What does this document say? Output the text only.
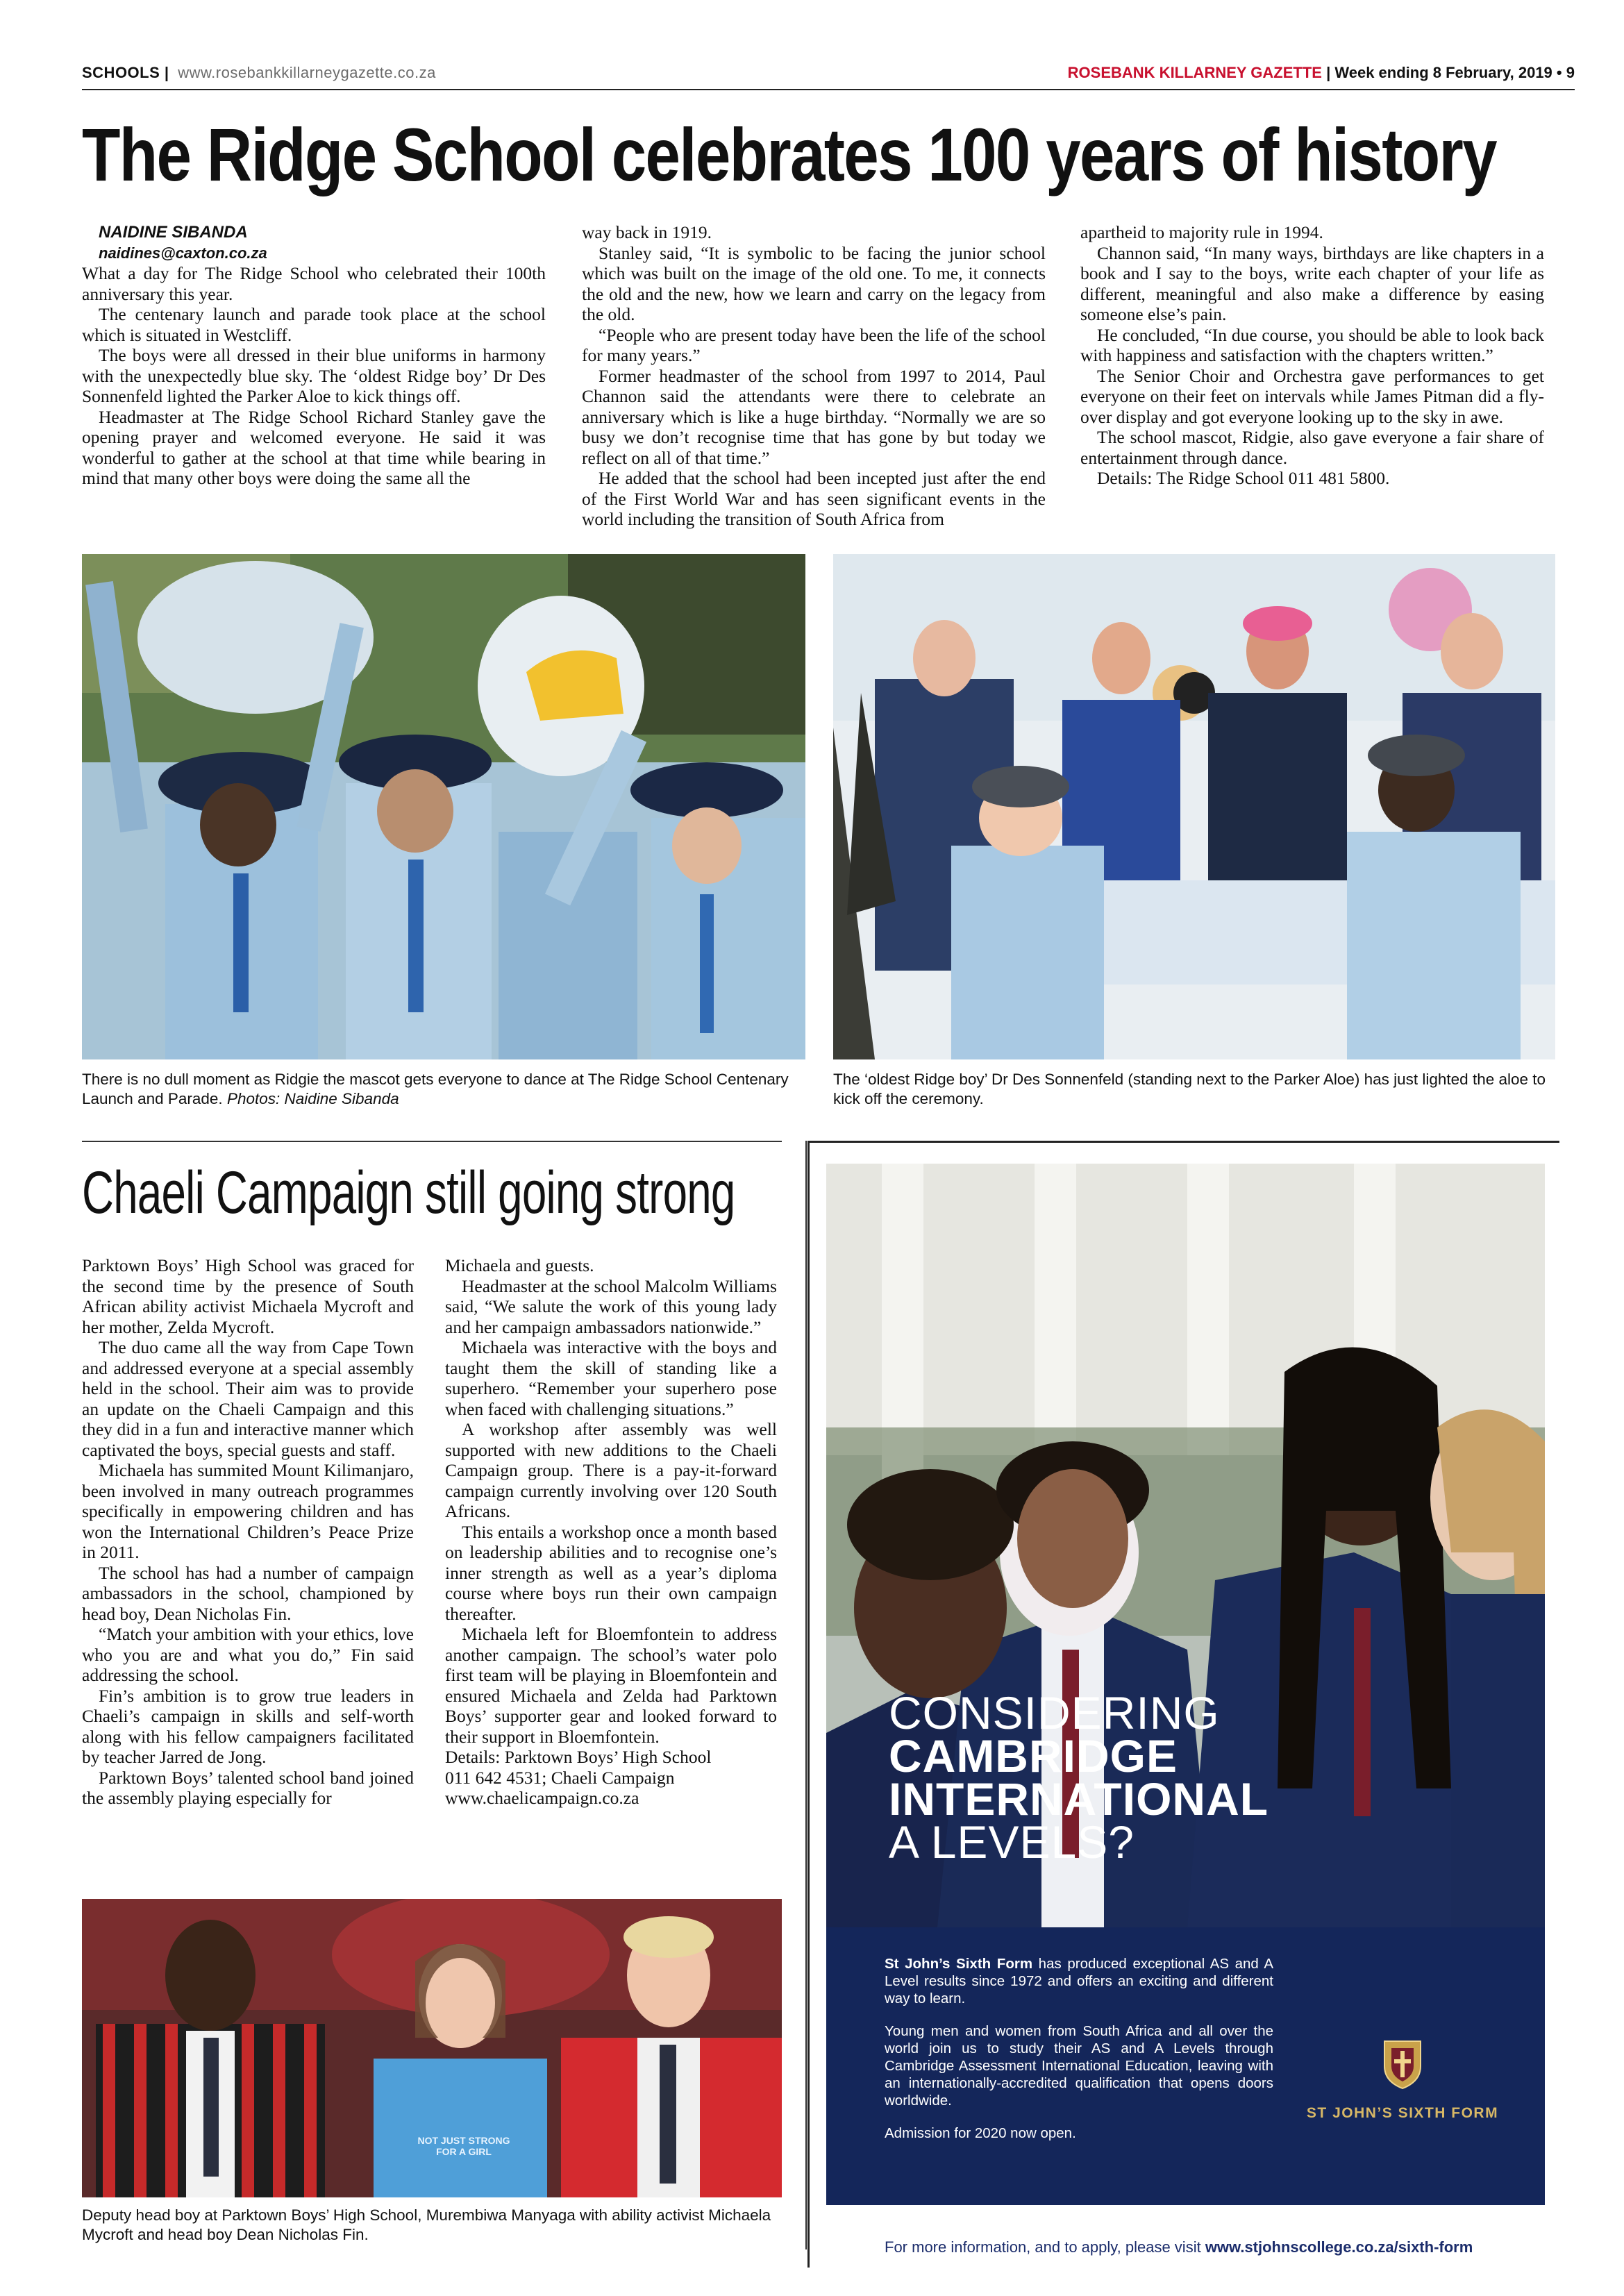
SCHOOLS | www.rosebankkillarneygazette.co.za	ROSEBANK KILLARNEY GAZETTE | Week ending 8 February, 2019 • 9
The Ridge School celebrates 100 years of history

NAIDINE SIBANDA

naidines@caxton.co.za

What a day for The Ridge School who celebrated their 100th anniversary this year.

The centenary launch and parade took place at the school which is situated in Westcliff.

The boys were all dressed in their blue uniforms in harmony with the unexpectedly blue sky. The ‘oldest Ridge boy’ Dr Des Sonnenfeld lighted the Parker Aloe to kick things off.

Headmaster at The Ridge School Richard Stanley gave the opening prayer and welcomed everyone. He said it was wonderful to gather at the school at that time while bearing in mind that many other boys were doing the same all the

way back in 1919.

Stanley said, “It is symbolic to be facing the junior school which was built on the image of the old one. To me, it connects the old and the new, how we learn and carry on the legacy from the old.

“People who are present today have been the life of the school for many years.”

Former headmaster of the school from 1997 to 2014, Paul Channon said the attendants were there to celebrate an anniversary which is like a huge birthday. “Normally we are so busy we don’t recognise time that has gone by but today we reflect on all of that time.”

He added that the school had been incepted just after the end of the First World War and has seen significant events in the world including the transition of South Africa from

apartheid to majority rule in 1994.

Channon said, “In many ways, birthdays are like chapters in a book and I say to the boys, write each chapter of your life as different, meaningful and also make a difference by easing someone else’s pain.

He concluded, “In due course, you should be able to look back with happiness and satisfaction with the chapters written.”

The Senior Choir and Orchestra gave performances to get everyone on their feet on intervals while James Pitman did a fly-over display and got everyone looking up to the sky in awe.

The school mascot, Ridgie, also gave everyone a fair share of entertainment through dance.

Details: The Ridge School 011 481 5800.

There is no dull moment as Ridgie the mascot gets everyone to dance at The Ridge School Centenary Launch and Parade. Photos: Naidine Sibanda
The ‘oldest Ridge boy’ Dr Des Sonnenfeld (standing next to the Parker Aloe) has just lighted the aloe to kick off the ceremony.
Chaeli Campaign still going strong

Parktown Boys’ High School was graced for the second time by the presence of South African ability activist Michaela Mycroft and her mother, Zelda Mycroft.

The duo came all the way from Cape Town and addressed everyone at a special assembly held in the school. Their aim was to provide an update on the Chaeli Campaign and this they did in a fun and interactive manner which captivated the boys, special guests and staff.

Michaela has summited Mount Kilimanjaro, been involved in many outreach programmes specifically in empowering children and has won the International Children’s Peace Prize in 2011.

The school has had a number of campaign ambassadors in the school, championed by head boy, Dean Nicholas Fin.

“Match your ambition with your ethics, love who you are and what you do,” Fin said addressing the school.

Fin’s ambition is to grow true leaders in Chaeli’s campaign in skills and self-worth along with his fellow campaigners facilitated by teacher Jarred de Jong.

Parktown Boys’ talented school band joined the assembly playing especially for

Michaela and guests.

Headmaster at the school Malcolm Williams said, “We salute the work of this young lady and her campaign ambassadors nationwide.”

Michaela was interactive with the boys and taught them the skill of standing like a superhero. “Remember your superhero pose when faced with challenging situations.”

A workshop after assembly was well supported with new additions to the Chaeli Campaign group. There is a pay-it-forward campaign currently involving over 120 South Africans.

This entails a workshop once a month based on leadership abilities and to recognise one’s inner strength as well as a year’s diploma course where boys run their own campaign thereafter.

Michaela left for Bloemfontein to address another campaign. The school’s water polo first team will be playing in Bloemfontein and ensured Michaela and Zelda had Parktown Boys’ supporter gear and looked forward to their support in Bloemfontein.

Details: Parktown Boys’ High School

011 642 4531; Chaeli Campaign

www.chaelicampaign.co.za

NOT JUST STRONG FOR A GIRL
Deputy head boy at Parktown Boys’ High School, Murembiwa Manyaga with ability activist Michaela Mycroft and head boy Dean Nicholas Fin.
CONSIDERING
CAMBRIDGE
INTERNATIONAL
A LEVELS?

St John’s Sixth Form has produced exceptional AS and A Level results since 1972 and offers an exciting and different way to learn.

Young men and women from South Africa and all over the world join us to study their AS and A Levels through Cambridge Assessment International Education, leaving with an internationally-accredited qualification that opens doors worldwide.

Admission for 2020 now open.

ST JOHN’S SIXTH FORM
For more information, and to apply, please visit www.stjohnscollege.co.za/sixth-form
